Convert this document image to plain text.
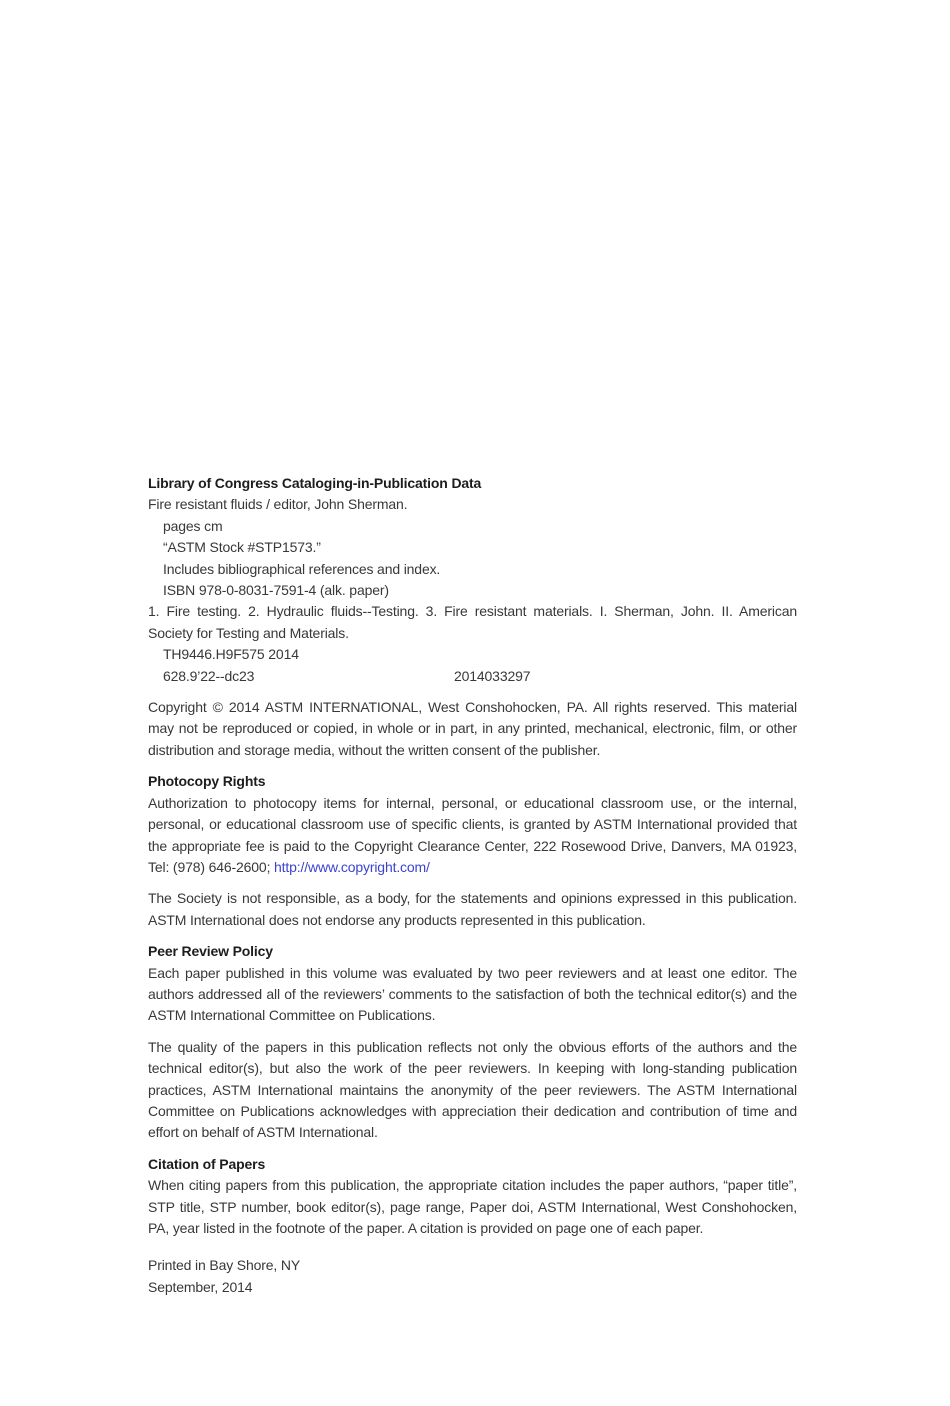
Library of Congress Cataloging-in-Publication Data
Fire resistant fluids / editor, John Sherman.
pages cm
“ASTM Stock #STP1573.”
Includes bibliographical references and index.
ISBN 978-0-8031-7591-4 (alk. paper)
1. Fire testing. 2. Hydraulic fluids--Testing. 3. Fire resistant materials. I. Sherman, John. II. American Society for Testing and Materials.
TH9446.H9F575 2014
628.9’22--dc23	2014033297
Copyright © 2014 ASTM INTERNATIONAL, West Conshohocken, PA. All rights reserved. This material may not be reproduced or copied, in whole or in part, in any printed, mechanical, electronic, film, or other distribution and storage media, without the written consent of the publisher.
Photocopy Rights
Authorization to photocopy items for internal, personal, or educational classroom use, or the internal, personal, or educational classroom use of specific clients, is granted by ASTM International provided that the appropriate fee is paid to the Copyright Clearance Center, 222 Rosewood Drive, Danvers, MA 01923, Tel: (978) 646-2600; http://www.copyright.com/
The Society is not responsible, as a body, for the statements and opinions expressed in this publication. ASTM International does not endorse any products represented in this publication.
Peer Review Policy
Each paper published in this volume was evaluated by two peer reviewers and at least one editor. The authors addressed all of the reviewers’ comments to the satisfaction of both the technical editor(s) and the ASTM International Committee on Publications.
The quality of the papers in this publication reflects not only the obvious efforts of the authors and the technical editor(s), but also the work of the peer reviewers. In keeping with long-standing publication practices, ASTM International maintains the anonymity of the peer reviewers. The ASTM International Committee on Publications acknowledges with appreciation their dedication and contribution of time and effort on behalf of ASTM International.
Citation of Papers
When citing papers from this publication, the appropriate citation includes the paper authors, “paper title”, STP title, STP number, book editor(s), page range, Paper doi, ASTM International, West Conshohocken, PA, year listed in the footnote of the paper. A citation is provided on page one of each paper.
Printed in Bay Shore, NY
September, 2014
